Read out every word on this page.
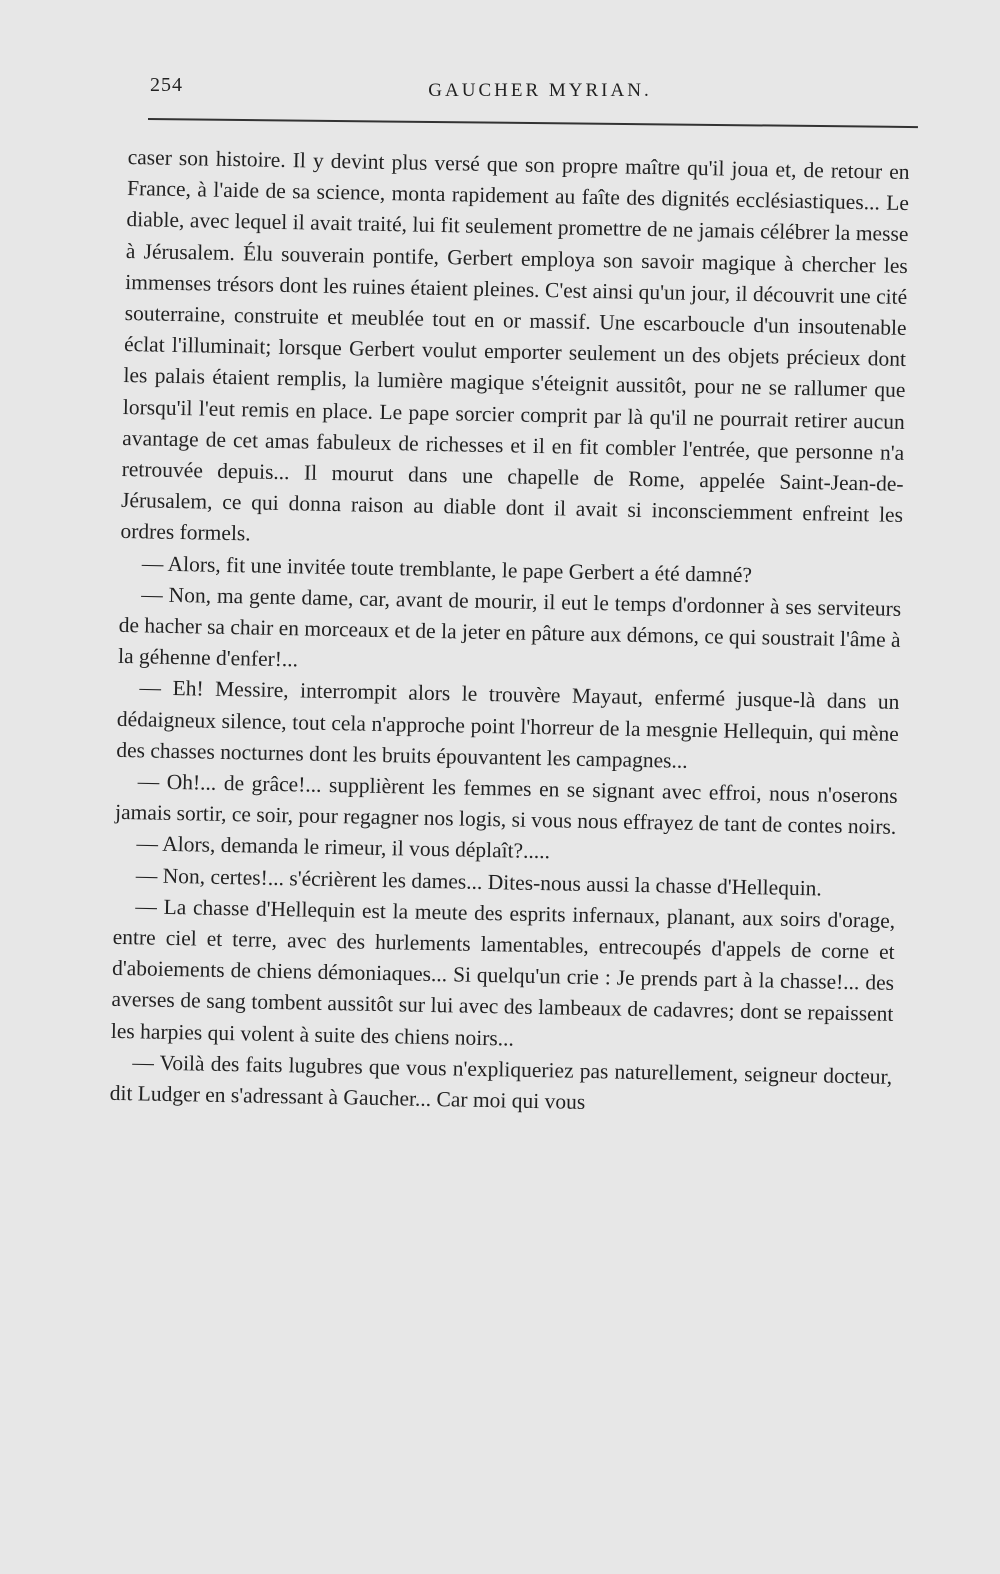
254	GAUCHER MYRIAN.

caser son histoire. Il y devint plus versé que son propre maître qu'il joua et, de retour en France, à l'aide de sa science, monta rapidement au faîte des dignités ecclésiastiques... Le diable, avec lequel il avait traité, lui fit seulement promettre de ne jamais célébrer la messe à Jérusalem. Élu souverain pontife, Gerbert employa son savoir magique à chercher les immenses trésors dont les ruines étaient pleines. C'est ainsi qu'un jour, il découvrit une cité souterraine, construite et meublée tout en or massif. Une escarboucle d'un insoutenable éclat l'illuminait; lorsque Gerbert voulut emporter seulement un des objets précieux dont les palais étaient remplis, la lumière magique s'éteignit aussitôt, pour ne se rallumer que lorsqu'il l'eut remis en place. Le pape sorcier comprit par là qu'il ne pourrait retirer aucun avantage de cet amas fabuleux de richesses et il en fit combler l'entrée, que personne n'a retrouvée depuis... Il mourut dans une chapelle de Rome, appelée Saint-Jean-de-Jérusalem, ce qui donna raison au diable dont il avait si inconsciemment enfreint les ordres formels.

— Alors, fit une invitée toute tremblante, le pape Gerbert a été damné?

— Non, ma gente dame, car, avant de mourir, il eut le temps d'ordonner à ses serviteurs de hacher sa chair en morceaux et de la jeter en pâture aux démons, ce qui soustrait l'âme à la géhenne d'enfer!...

— Eh! Messire, interrompit alors le trouvère Mayaut, enfermé jusque-là dans un dédaigneux silence, tout cela n'approche point l'horreur de la mesgnie Hellequin, qui mène des chasses nocturnes dont les bruits épouvantent les campagnes...

— Oh!... de grâce!... supplièrent les femmes en se signant avec effroi, nous n'oserons jamais sortir, ce soir, pour regagner nos logis, si vous nous effrayez de tant de contes noirs.

— Alors, demanda le rimeur, il vous déplaît?.....

— Non, certes!... s'écrièrent les dames... Dites-nous aussi la chasse d'Hellequin.

— La chasse d'Hellequin est la meute des esprits infernaux, planant, aux soirs d'orage, entre ciel et terre, avec des hurlements lamentables, entrecoupés d'appels de corne et d'aboiements de chiens démoniaques... Si quelqu'un crie : Je prends part à la chasse!... des averses de sang tombent aussitôt sur lui avec des lambeaux de cadavres; dont se repaissent les harpies qui volent à suite des chiens noirs...

— Voilà des faits lugubres que vous n'expliqueriez pas naturellement, seigneur docteur, dit Ludger en s'adressant à Gaucher... Car moi qui vous
